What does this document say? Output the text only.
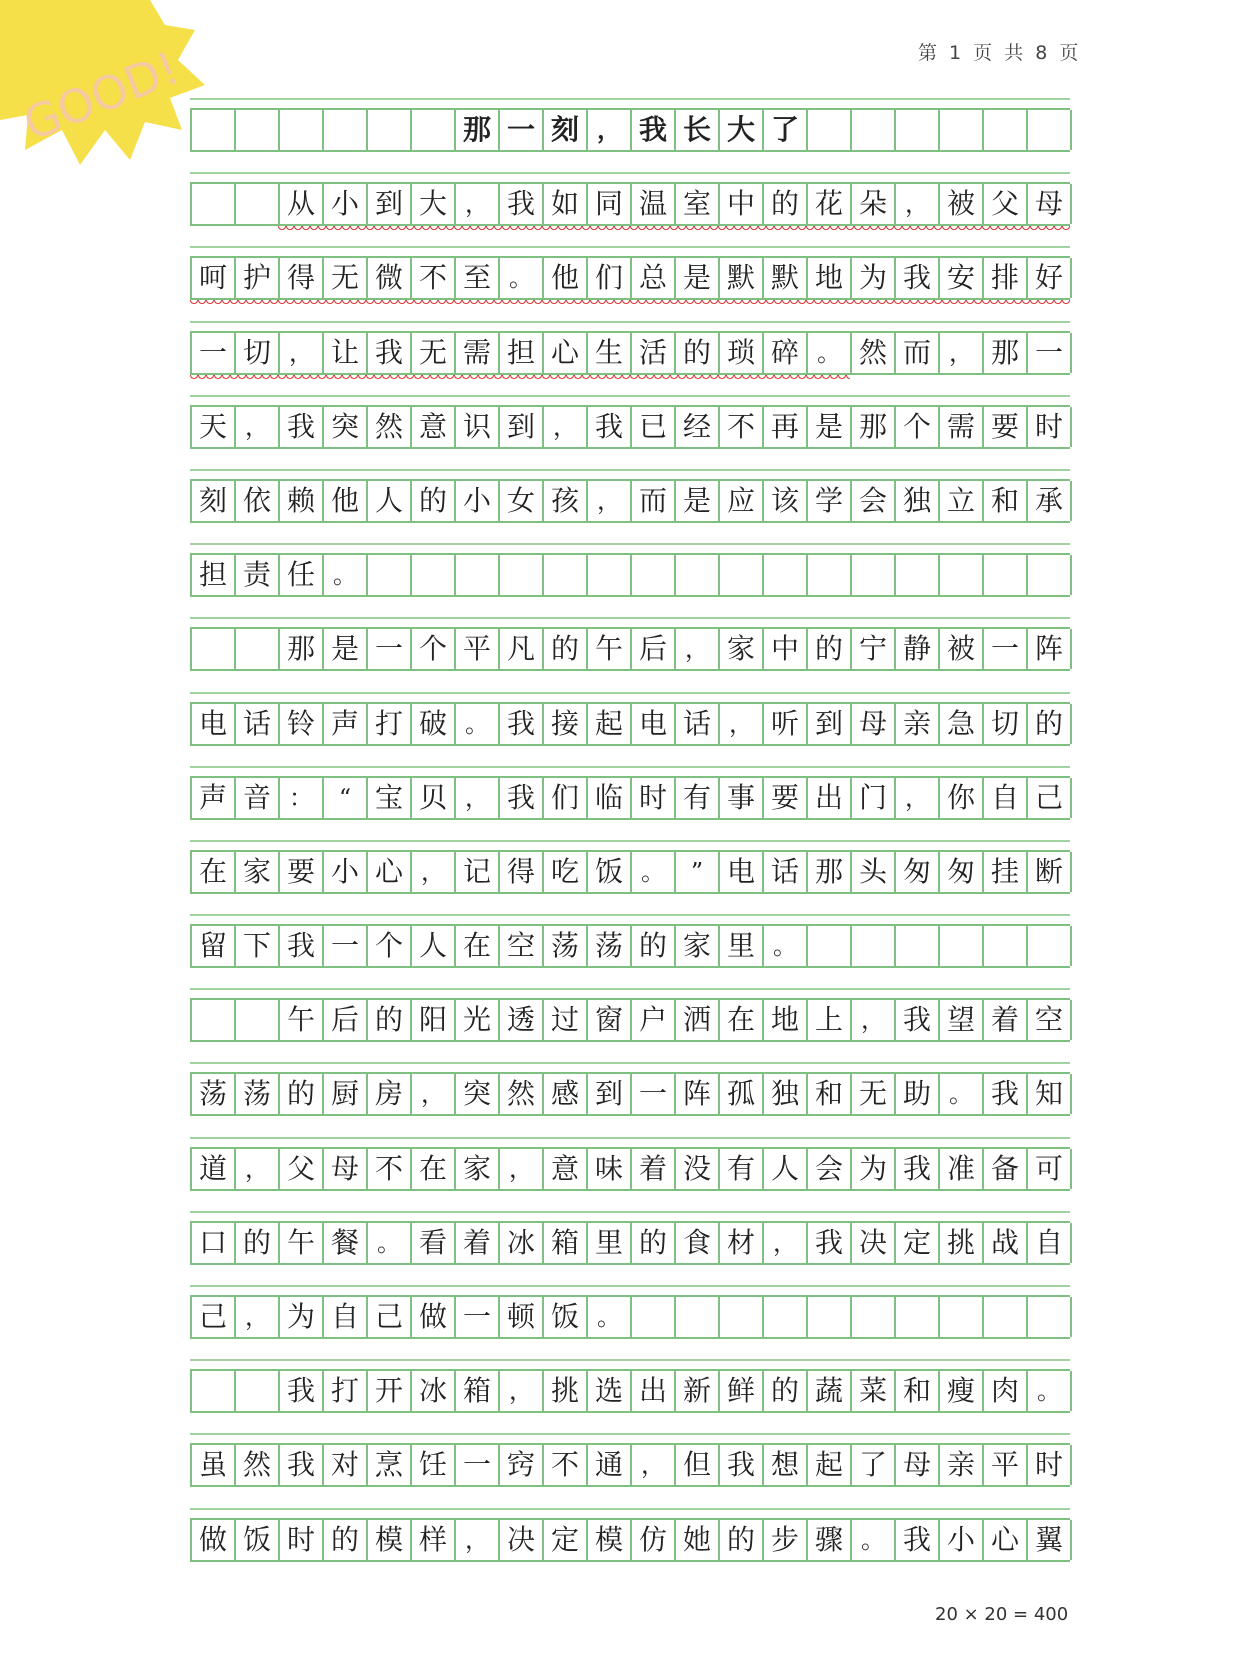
GOOD!	第 1 页 共 8 页
那 一 刻 ， 我 长 大 了
从 小 到 大 ， 我 如 同 温 室 中 的 花 朵 ， 被 父 母
呵 护 得 无 微 不 至 。 他 们 总 是 默 默 地 为 我 安 排 好
一 切 ， 让 我 无 需 担 心 生 活 的 琐 碎 。 然 而 ， 那 一
天 ， 我 突 然 意 识 到 ， 我 已 经 不 再 是 那 个 需 要 时
刻 依 赖 他 人 的 小 女 孩 ， 而 是 应 该 学 会 独 立 和 承
担 责 任 。
那 是 一 个 平 凡 的 午 后 ， 家 中 的 宁 静 被 一 阵
电 话 铃 声 打 破 。 我 接 起 电 话 ， 听 到 母 亲 急 切 的
声 音 ：	“ 宝 贝 ， 我 们 临 时 有 事 要 出 门 ， 你 自 己
在 家 要 小 心 ， 记 得 吃 饭 。	” 电 话 那 头 匆 匆 挂 断
留 下 我 一 个 人 在 空 荡 荡 的 家 里 。
午 后 的 阳 光 透 过 窗 户 洒 在 地 上 ， 我 望 着 空
荡 荡 的 厨 房 ， 突 然 感 到 一 阵 孤 独 和 无 助 。 我 知
道 ， 父 母 不 在 家 ， 意 味 着 没 有 人 会 为 我 准 备 可
口 的 午 餐 。 看 着 冰 箱 里 的 食 材 ， 我 决 定 挑 战 自
己 ， 为 自 己 做 一 顿 饭 。
我 打 开 冰 箱 ， 挑 选 出 新 鲜 的 蔬 菜 和 瘦 肉 。
虽 然 我 对 烹 饪 一 窍 不 通 ， 但 我 想 起 了 母 亲 平 时
做 饭 时 的 模 样 ， 决 定 模 仿 她 的 步 骤 。 我 小 心 翼
20 × 20 = 400
